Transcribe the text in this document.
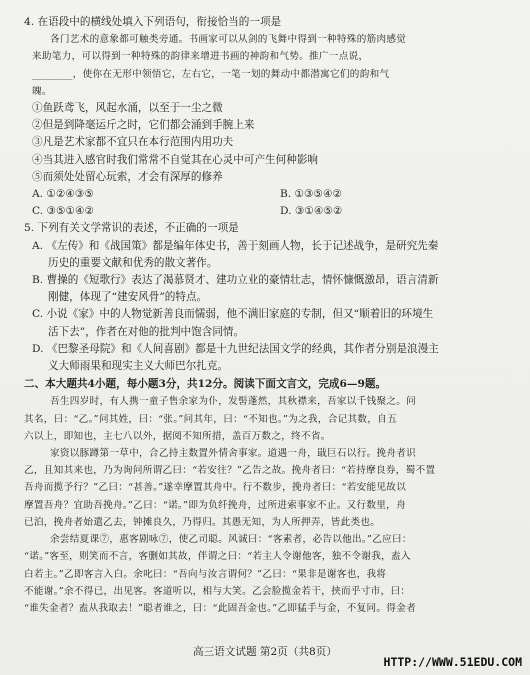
4. 在语段中的横线处填入下列语句，衔接恰当的一项是
各门艺术的意象都可触类旁通。书画家可以从剑的飞舞中得到一种特殊的筋肉感觉
来助笔力，可以得到一种特殊的韵律来增进书画的神韵和气势。推广一点说，
________，使你在无形中领悟它，左右它，一笔一划的舞动中都潜寓它们的韵和气
魄。
①鱼跃鸢飞，风起水涌，以至于一尘之微
②但是到降毫运斤之时，它们都会涌到手腕上来
③凡是艺术家都不宜只在本行范围内用功夫
④当其进入感官时我们常常不自觉其在心灵中可产生何种影响
⑤而须处处留心玩索，才会有深厚的修养
A. ①②④③⑤	B. ①③⑤④②
C. ③⑤①④②	D. ③①④⑤②
5. 下列有关文学常识的表述，不正确的一项是
A. 《左传》和《战国策》都是编年体史书，善于刻画人物，长于记述战争，是研究先秦
历史的重要文献和优秀的散文著作。
B. 曹操的《短歌行》表达了渴慕贤才、建功立业的豪情壮志，情怀慷慨激昂，语言清新
刚健，体现了“建安风骨”的特点。
C. 小说《家》中的人物觉新善良而懦弱，他不满旧家庭的专制，但又“顺着旧的环境生
活下去”，作者在对他的批判中饱含同情。
D. 《巴黎圣母院》和《人间喜剧》都是十九世纪法国文学的经典，其作者分别是浪漫主
义大师雨果和现实主义大师巴尔扎克。
二、本大题共4小题，每小题3分，共12分。阅读下面文言文，完成6—9题。
吾生四岁时，有人携一童子售余家为仆，发髻蓬然，其秋襟来，吾家以千钱聚之。问
其名，曰：“乙。”问其姓，曰：“张。”问其年，曰：“不知也。”为之我，合记其数，自五
六以上，即知也，主七八以外，据阅不知所措，盖百万数之，终不省。
家资以豚蹲第一草中，合乙持主数置外情舍事家。道遇一舟，戢巨石以行。挽舟者识
乙，且知其来也，乃为询问所谓乙曰：“若安往？”乙告之故。挽舟者曰：“若持摩良券，蜀不置
吾舟而揽予行？”乙曰：“甚善。”遂幸摩置其舟中。行不数步，挽舟者曰：“若安能见故以
摩置吾舟？宜助吾挽舟。”乙曰：“诺。”即为负纤挽舟，过所进索事家不止。又行数里，舟
已泊，挽舟者始遣乙去，钟摊良久，乃得归。其愚无知，为人所押弄，皆此类也。
余尝结夏课⑦，惠客剧咏⑦，使乙司聪。风诚曰：“客素者，必告以他出。”乙应曰：
“诺。”客至，则笑而不言，客删如其故，伴谓之曰：“若主人令谢他客，独不令谢我，盍入
白若主。”乙即客言入白。余叱曰：“吾向与汝言谓何？”乙曰：“果非是谢客也，我将
不能谢。”余不得已，出见客。客道听以，相与大笑。乙会脸揽金若干，挟而乎寸市，曰：
“谁失金者？盍从我取去！”聪者谁之，曰：“此固吾金也。”乙即猛手与金，不复同。得金者
高三语文试题 第2页（共8页）
HTTP://WWW.51EDU.COM
